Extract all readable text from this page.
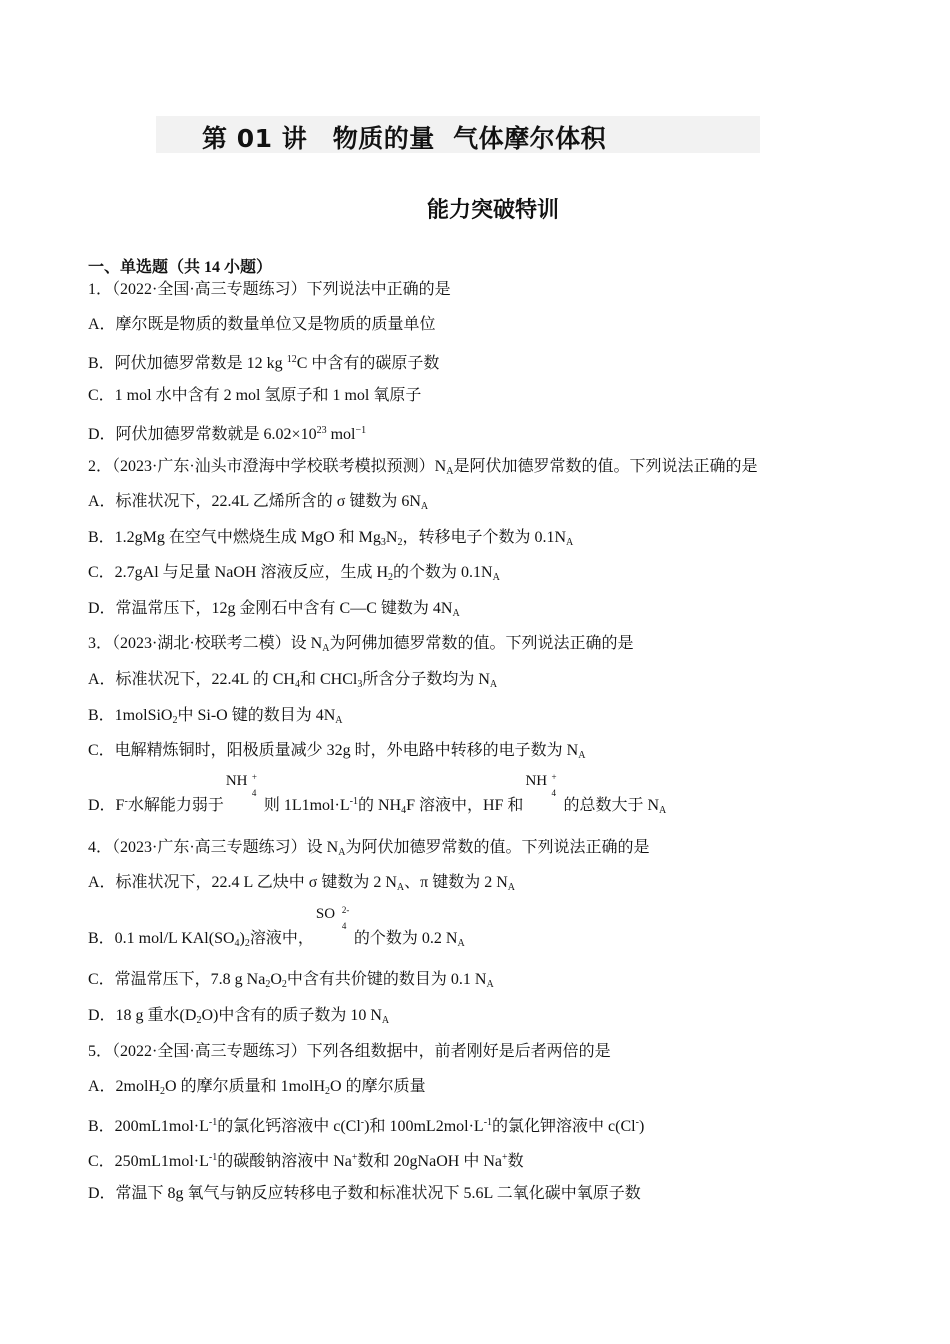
第 01 讲　物质的量  气体摩尔体积
能力突破特训
一、单选题（共 14 小题）
1．（2022·全国·高三专题练习）下列说法中正确的是
A．摩尔既是物质的数量单位又是物质的质量单位
B．阿伏加德罗常数是 12 kg $^{12}$C 中含有的碳原子数
C．1 mol 水中含有 2 mol 氢原子和 1 mol 氧原子
D．阿伏加德罗常数就是 $6.02\times 10^{23}$ mol$^{-1}$
2．（2023·广东·汕头市澄海中学校联考模拟预测）$N_A$是阿伏加德罗常数的值。下列说法正确的是
A．标准状况下，22.4L 乙烯所含的 σ 键数为 $6N_A$
B．1.2gMg 在空气中燃烧生成 MgO 和 $Mg_3N_2$，转移电子个数为 $0.1N_A$
C．2.7gAl 与足量 NaOH 溶液反应，生成 $H_2$的个数为 $0.1N_A$
D．常温常压下，12g 金刚石中含有 C—C 键数为 $4N_A$
3．（2023·湖北·校联考二模）设 $N_A$为阿佛加德罗常数的值。下列说法正确的是
A．标准状况下，22.4L 的 $CH_4$和 CHCl$_3$所含分子数均为 $N_A$
B．1molSiO$_2$中 Si-O 键的数目为 $4N_A$
C．电解精炼铜时，阳极质量减少 32g 时，外电路中转移的电子数为 $N_A$
D．F-水解能力弱于
NH +
4
则 $1L1mol\cdot L^{-1}$的 $NH_4F$ 溶液中，HF 和
NH +
4
的总数大于 $N_A$
4．（2023·广东·高三专题练习）设 $N_A$为阿伏加德罗常数的值。下列说法正确的是
A．标准状况下，22.4 L 乙炔中 σ 键数为 2 $N_A$、π 键数为 2 $N_A$
B．0.1 mol/L $KAl(SO_4)_2$溶液中，
SO 2-
4
的个数为 0.2 $N_A$
C．常温常压下，7.8 g $Na_2O_2$中含有共价键的数目为 0.1 $N_A$
D．18 g 重水$(D_2O)$中含有的质子数为 10 $N_A$
5．（2022·全国·高三专题练习）下列各组数据中，前者刚好是后者两倍的是
A．2molH$_2$O 的摩尔质量和 1molH$_2$O 的摩尔质量
B．$200mL1mol\cdot L^{-1}$的氯化钙溶液中 c(Cl-)和 $100mL2mol\cdot L^{-1}$的氯化钾溶液中 c(Cl-)
C．$250mL1mol\cdot L^{-1}$的碳酸钠溶液中 Na+数和 20gNaOH 中 Na+数
D．常温下 8g 氧气与钠反应转移电子数和标准状况下 5.6L 二氧化碳中氧原子数
